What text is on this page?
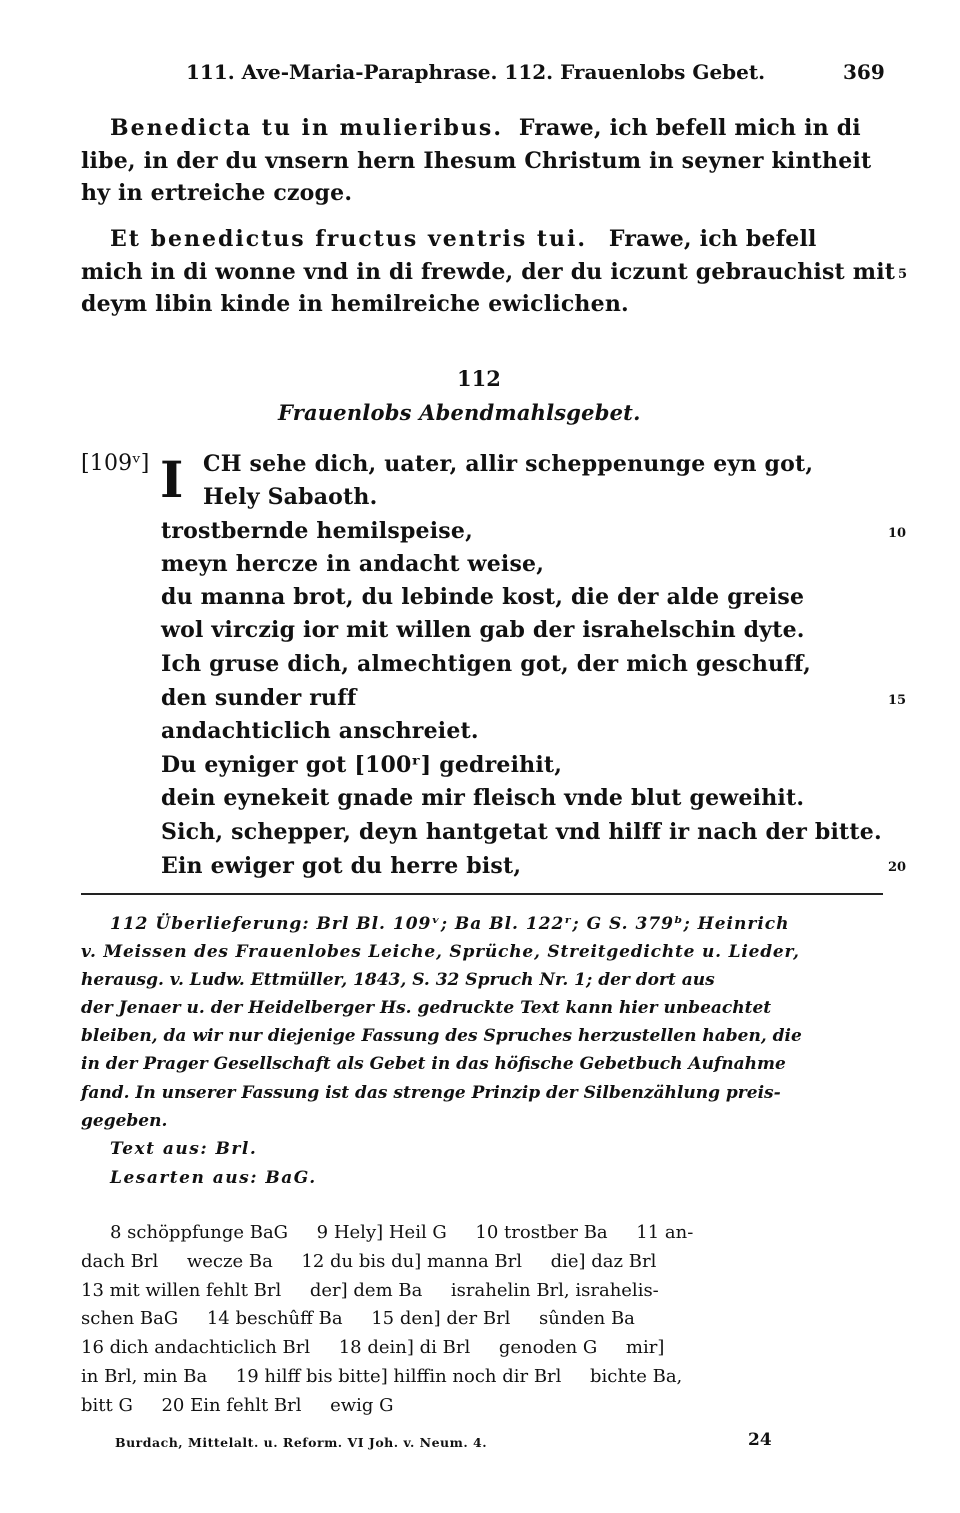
111. Ave-Maria-Paraphrase. 112. Frauenlobs Gebet.	369
Benedicta tu in mulieribus. Frawe, ich befell mich in di
libe, in der du vnsern hern Ihesum Christum in seyner kintheit
hy in ertreiche czoge.
Et benedictus fructus ventris tui. Frawe, ich befell
mich in di wonne vnd in di frewde, der du iczunt gebrauchist mit 5
deym libin kinde in hemilreiche ewiclichen.
112
Frauenlobs Abendmahlsgebet.
[109ᵛ] I CH sehe dich, uater, allir scheppenunge eyn got,
Hely Sabaoth.
trostbernde hemilspeise,	10
meyn hercze in andacht weise,
du manna brot, du lebinde kost, die der alde greise
wol virczig ior mit willen gab der israhelschin dyte.
Ich gruse dich, almechtigen got, der mich geschuff,
den sunder ruff	15
andachticlich anschreiet.
Du eyniger got [100ʳ] gedreihit,
dein eynekeit gnade mir fleisch vnde blut geweihit.
Sich, schepper, deyn hantgetat vnd hilff ir nach der bitte.
Ein ewiger got du herre bist,	20
112 Überlieferung: Brl Bl. 109ᵛ; Ba Bl. 122ʳ; G S. 379ᵇ; Heinrich
v. Meissen des Frauenlobes Leiche, Sprüche, Streitgedichte u. Lieder,
herausg. v. Ludw. Ettmüller, 1843, S. 32 Spruch Nr. 1; der dort aus
der Jenaer u. der Heidelberger Hs. gedruckte Text kann hier unbeachtet
bleiben, da wir nur diejenige Fassung des Spruches herzustellen haben, die
in der Prager Gesellschaft als Gebet in das höfische Gebetbuch Aufnahme
fand. In unserer Fassung ist das strenge Prinzip der Silbenzählung preis-
gegeben.
Text aus: Brl.
Lesarten aus: BaG.
8 schöppfunge BaG     9 Hely] Heil G     10 trostber Ba     11 an-
dach Brl     wecze Ba     12 du bis du] manna Brl     die] daz Brl
13 mit willen fehlt Brl     der] dem Ba     israhelin Brl, israhelis-
schen BaG     14 beschûff Ba     15 den] der Brl     sûnden Ba
16 dich andachticlich Brl     18 dein] di Brl     genoden G     mir]
in Brl, min Ba     19 hilff bis bitte] hilffin noch dir Brl     bichte Ba,
bitt G     20 Ein fehlt Brl     ewig G
Burdach, Mittelalt. u. Reform. VI Joh. v. Neum. 4.	24
